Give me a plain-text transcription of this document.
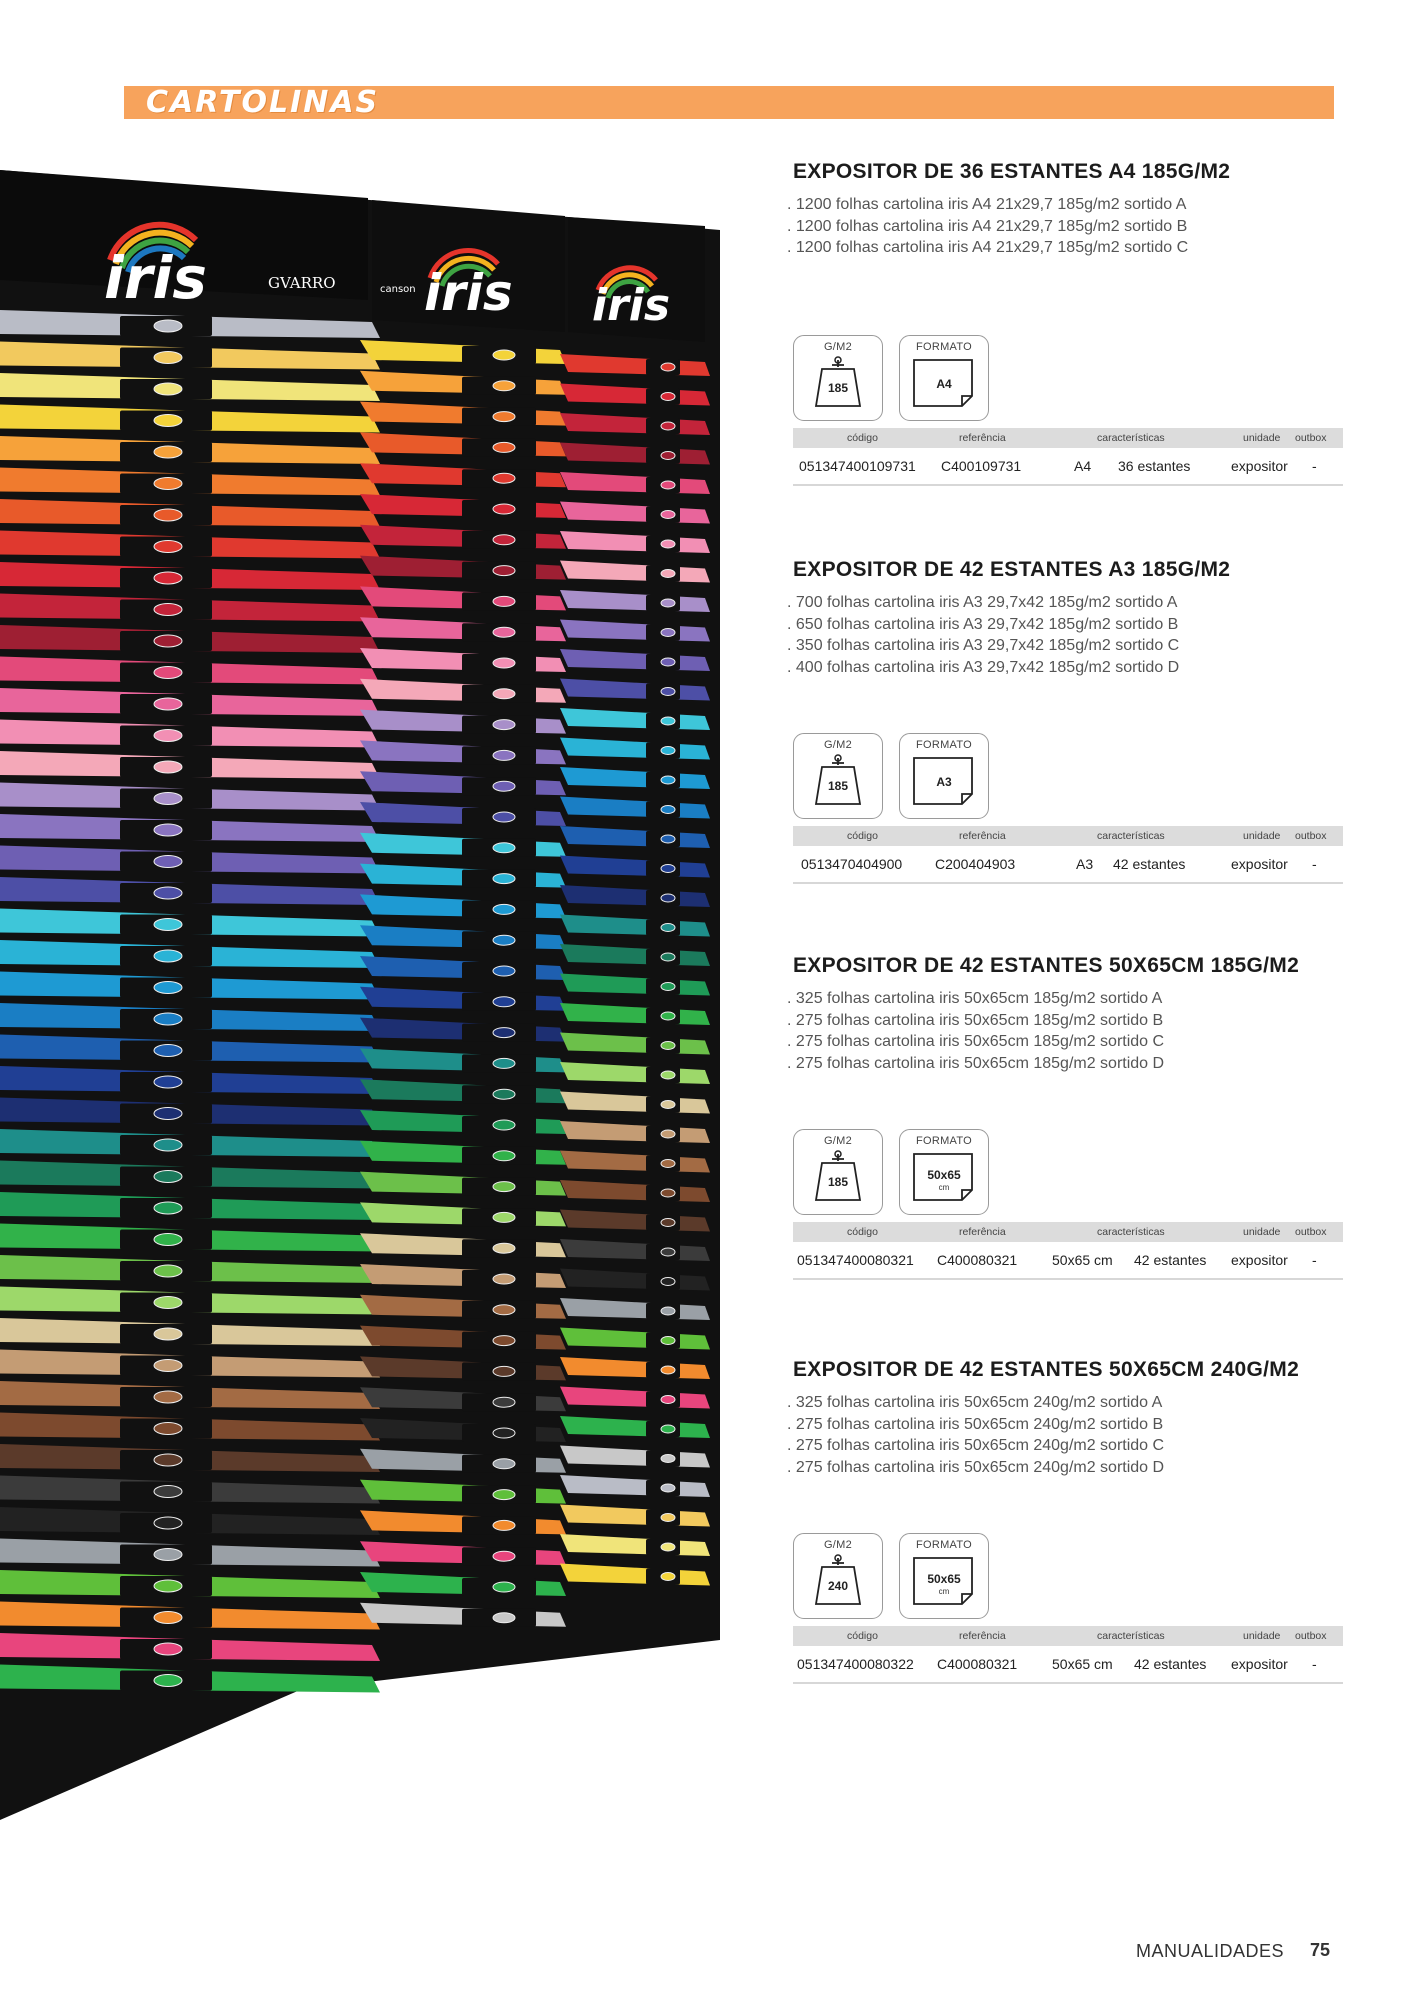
CARTOLINAS
iris	GVARRO iris
canson	iris
EXPOSITOR DE 36 ESTANTES A4 185G/M2
. 1200 folhas cartolina iris A4 21x29,7 185g/m2 sortido A
. 1200 folhas cartolina iris A4 21x29,7 185g/m2 sortido B
. 1200 folhas cartolina iris A4 21x29,7 185g/m2 sortido C
G/M2
185
FORMATO
A4
código	referência	características	unidade outbox
051347400109731 C400109731	A4 36 estantes	expositor -
EXPOSITOR DE 42 ESTANTES A3 185G/M2
. 700 folhas cartolina iris A3 29,7x42 185g/m2 sortido A
. 650 folhas cartolina iris A3 29,7x42 185g/m2 sortido B
. 350 folhas cartolina iris A3 29,7x42 185g/m2 sortido C
. 400 folhas cartolina iris A3 29,7x42 185g/m2 sortido D
G/M2
185
FORMATO
A3
código	referência	características	unidade outbox
0513470404900 C200404903	A3 42 estantes	expositor -
EXPOSITOR DE 42 ESTANTES 50X65CM 185G/M2
. 325 folhas cartolina iris 50x65cm 185g/m2 sortido A
. 275 folhas cartolina iris 50x65cm 185g/m2 sortido B
. 275 folhas cartolina iris 50x65cm 185g/m2 sortido C
. 275 folhas cartolina iris 50x65cm 185g/m2 sortido D
G/M2
185
FORMATO
50x65
cm
código	referência	características	unidade outbox
051347400080321 C400080321 50x65 cm 42 estantes expositor -
EXPOSITOR DE 42 ESTANTES 50X65CM 240G/M2
. 325 folhas cartolina iris 50x65cm 240g/m2 sortido A
. 275 folhas cartolina iris 50x65cm 240g/m2 sortido B
. 275 folhas cartolina iris 50x65cm 240g/m2 sortido C
. 275 folhas cartolina iris 50x65cm 240g/m2 sortido D
G/M2
240
FORMATO
50x65
cm
código	referência	características	unidade outbox
051347400080322 C400080321 50x65 cm 42 estantes expositor -
MANUALIDADES 75
